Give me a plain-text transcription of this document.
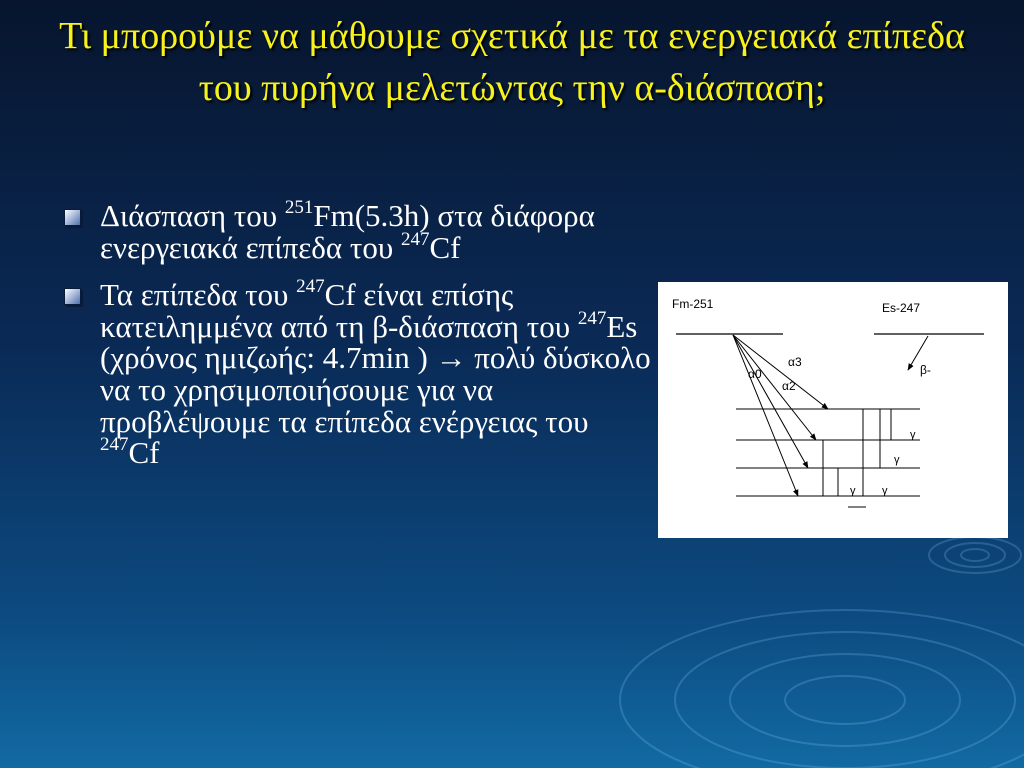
Τι μπορούμε να μάθουμε σχετικά με τα ενεργειακά επίπεδα του πυρήνα μελετώντας την α-διάσπαση;
Διάσπαση του $^{251}$Fm(5.3h) στα διάφορα ενεργειακά επίπεδα του $^{247}$Cf
Τα επίπεδα του $^{247}$Cf είναι επίσης κατειλημμένα από τη β-διάσπαση του $^{247}$Es (χρόνος ημιζωής: 4.7min ) → πολύ δύσκολο να το χρησιμοποιήσουμε για να προβλέψουμε τα επίπεδα ενέργειας του $^{247}$Cf
Fm-251	Es-247
α0
α3
α2
β-
γ
γ
γ γ
